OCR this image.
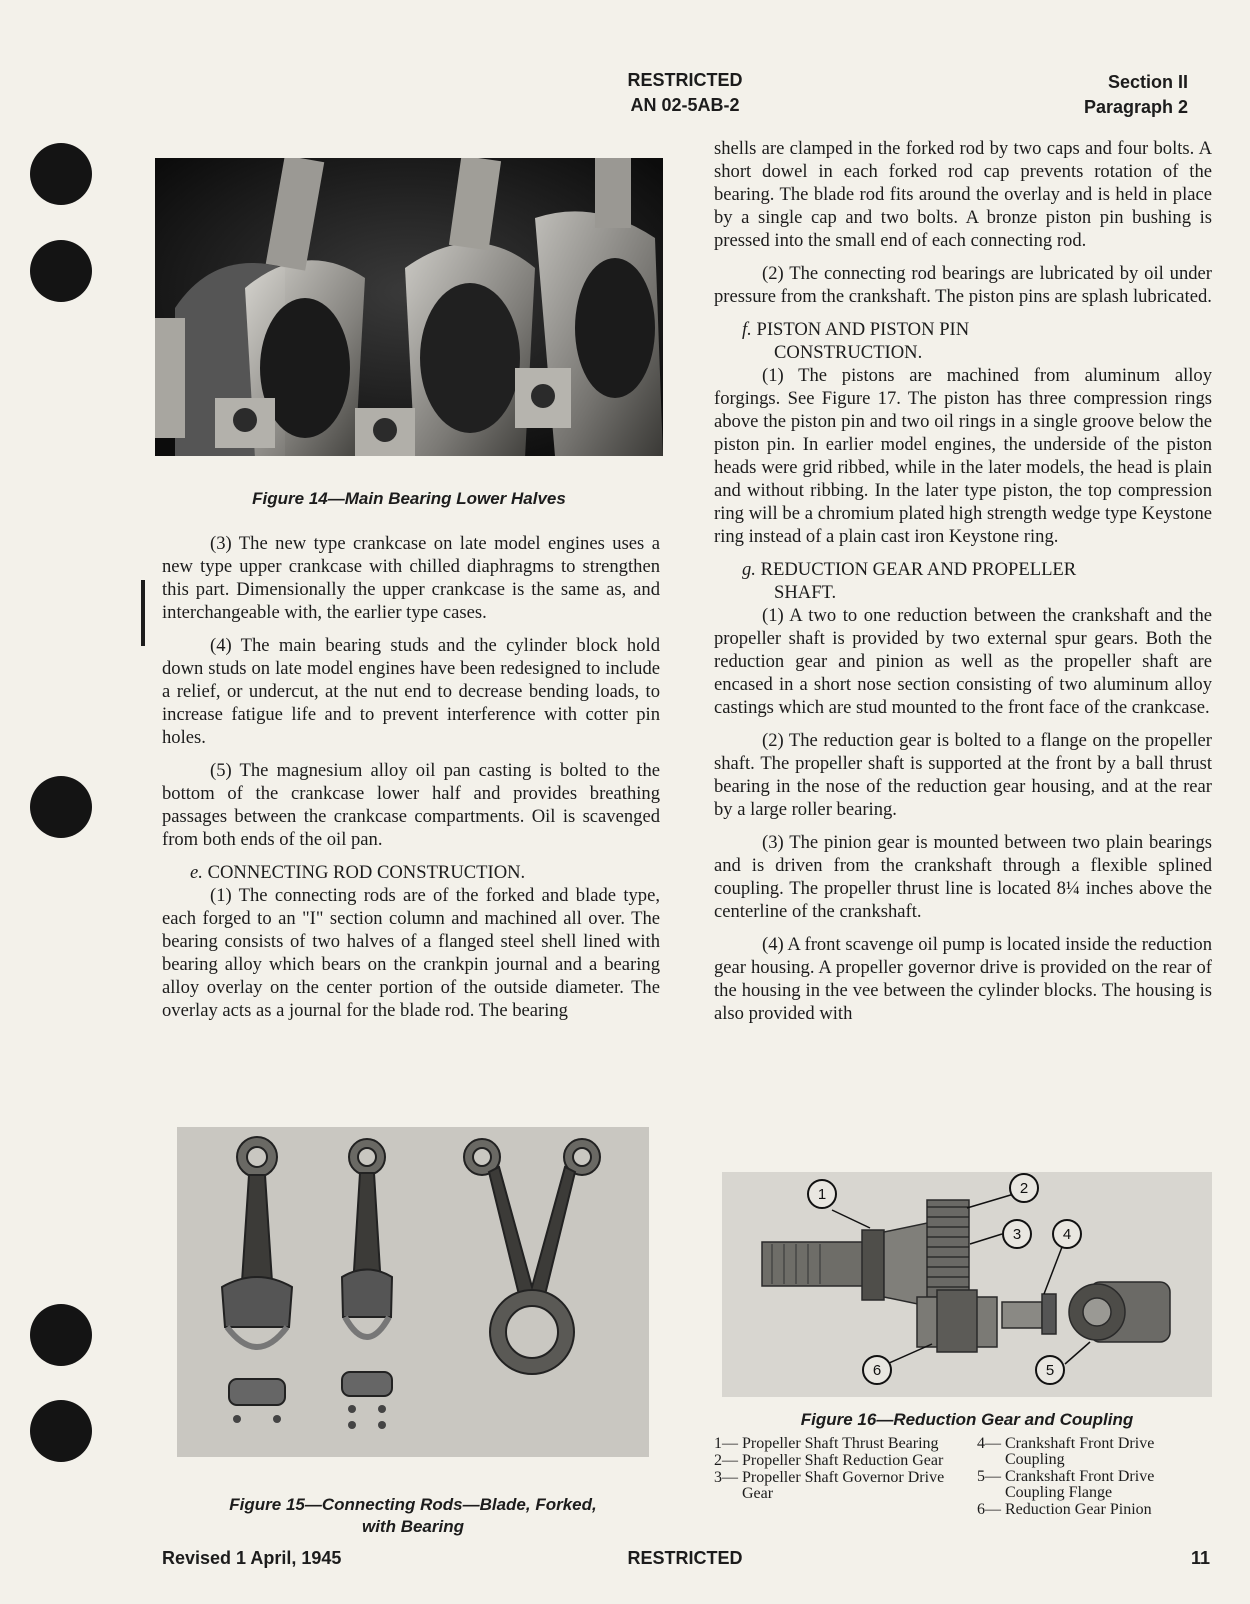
RESTRICTED
AN 02-5AB-2
Section II
Paragraph 2
Figure 14—Main Bearing Lower Halves

(3) The new type crankcase on late model engines uses a new type upper crankcase with chilled diaphragms to strengthen this part. Dimensionally the upper crankcase is the same as, and interchangeable with, the earlier type cases.

(4) The main bearing studs and the cylinder block hold down studs on late model engines have been redesigned to include a relief, or undercut, at the nut end to decrease bending loads, to increase fatigue life and to prevent interference with cotter pin holes.

(5) The magnesium alloy oil pan casting is bolted to the bottom of the crankcase lower half and provides breathing passages between the crankcase compartments. Oil is scavenged from both ends of the oil pan.

e. CONNECTING ROD CONSTRUCTION.

(1) The connecting rods are of the forked and blade type, each forged to an "I" section column and machined all over. The bearing consists of two halves of a flanged steel shell lined with bearing alloy which bears on the crankpin journal and a bearing alloy overlay on the center portion of the outside diameter. The overlay acts as a journal for the blade rod. The bearing

Figure 15—Connecting Rods—Blade, Forked,
with Bearing

shells are clamped in the forked rod by two caps and four bolts. A short dowel in each forked rod cap prevents rotation of the bearing. The blade rod fits around the overlay and is held in place by a single cap and two bolts. A bronze piston pin bushing is pressed into the small end of each connecting rod.

(2) The connecting rod bearings are lubricated by oil under pressure from the crankshaft. The piston pins are splash lubricated.

f. PISTON AND PISTON PIN
CONSTRUCTION.

(1) The pistons are machined from aluminum alloy forgings. See Figure 17. The piston has three compression rings above the piston pin and two oil rings in a single groove below the piston pin. In earlier model engines, the underside of the piston heads were grid ribbed, while in the later models, the head is plain and without ribbing. In the later type piston, the top compression ring will be a chromium plated high strength wedge type Keystone ring instead of a plain cast iron Keystone ring.

g. REDUCTION GEAR AND PROPELLER
SHAFT.

(1) A two to one reduction between the crankshaft and the propeller shaft is provided by two external spur gears. Both the reduction gear and pinion as well as the propeller shaft are encased in a short nose section consisting of two aluminum alloy castings which are stud mounted to the front face of the crankcase.

(2) The reduction gear is bolted to a flange on the propeller shaft. The propeller shaft is supported at the front by a ball thrust bearing in the nose of the reduction gear housing, and at the rear by a large roller bearing.

(3) The pinion gear is mounted between two plain bearings and is driven from the crankshaft through a flexible splined coupling. The propeller thrust line is located 8¼ inches above the centerline of the crankshaft.

(4) A front scavenge oil pump is located inside the reduction gear housing. A propeller governor drive is provided on the rear of the housing in the vee between the cylinder blocks. The housing is also provided with

1	2
3	4
5
6
Figure 16—Reduction Gear and Coupling
1— Propeller Shaft Thrust Bearing
2— Propeller Shaft Reduction Gear
3— Propeller Shaft Governor Drive Gear
4— Crankshaft Front Drive Coupling
5— Crankshaft Front Drive Coupling Flange
6— Reduction Gear Pinion
Revised 1 April, 1945	RESTRICTED	11
